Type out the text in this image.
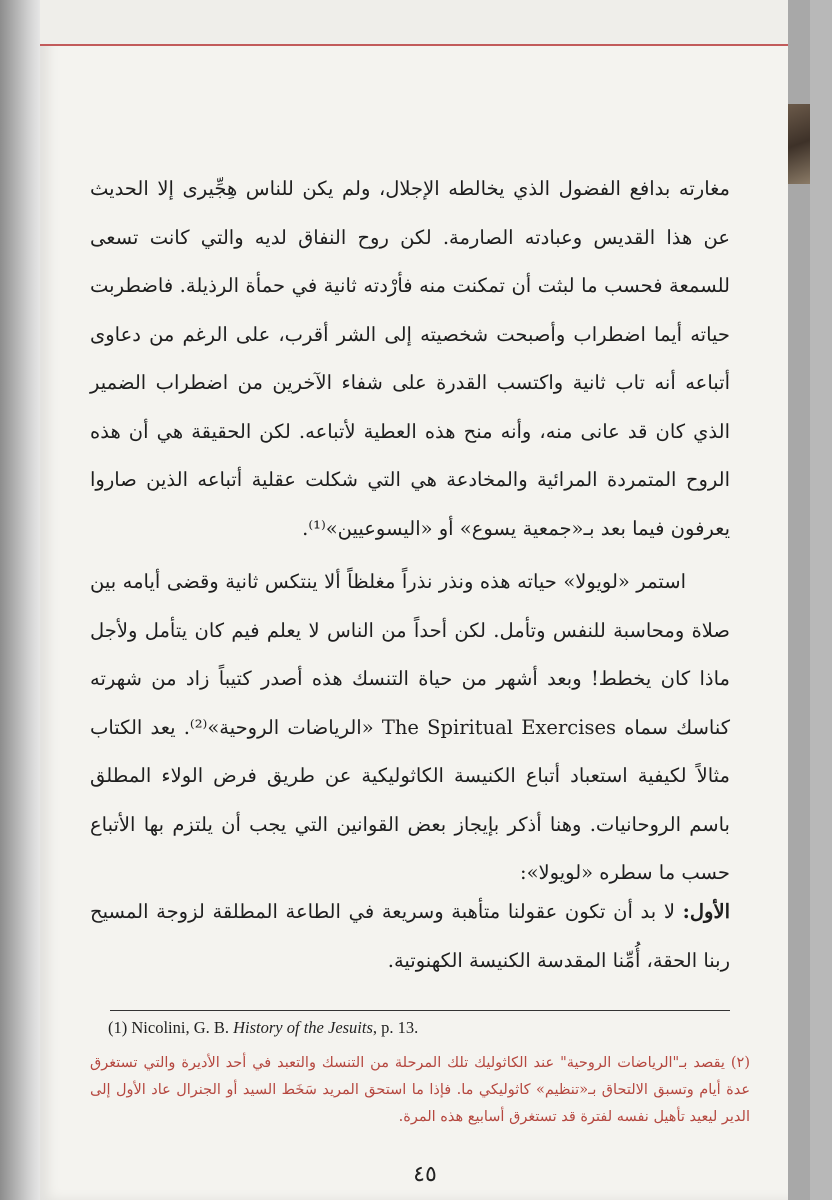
مغارته بدافع الفضول الذي يخالطه الإجلال، ولم يكن للناس هِجِّيرى إلا الحديث عن هذا القديس وعبادته الصارمة. لكن روح النفاق لديه والتي كانت تسعى للسمعة فحسب ما لبثت أن تمكنت منه فأرْدته ثانية في حمأة الرذيلة. فاضطربت حياته أيما اضطراب وأصبحت شخصيته إلى الشر أقرب، على الرغم من دعاوى أتباعه أنه تاب ثانية واكتسب القدرة على شفاء الآخرين من اضطراب الضمير الذي كان قد عانى منه، وأنه منح هذه العطية لأتباعه. لكن الحقيقة هي أن هذه الروح المتمردة المرائية والمخادعة هي التي شكلت عقلية أتباعه الذين صاروا يعرفون فيما بعد بـ«جمعية يسوع» أو «اليسوعيين»⁽¹⁾.
استمر «لويولا» حياته هذه ونذر نذراً مغلظاً ألا ينتكس ثانية وقضى أيامه بين صلاة ومحاسبة للنفس وتأمل. لكن أحداً من الناس لا يعلم فيم كان يتأمل ولأجل ماذا كان يخطط! وبعد أشهر من حياة التنسك هذه أصدر كتيباً زاد من شهرته كناسك سماه The Spiritual Exercises «الرياضات الروحية»⁽²⁾. يعد الكتاب مثالاً لكيفية استعباد أتباع الكنيسة الكاثوليكية عن طريق فرض الولاء المطلق باسم الروحانيات. وهنا أذكر بإيجاز بعض القوانين التي يجب أن يلتزم بها الأتباع حسب ما سطره «لويولا»:
الأول: لا بد أن تكون عقولنا متأهبة وسريعة في الطاعة المطلقة لزوجة المسيح ربنا الحقة، أُمِّنا المقدسة الكنيسة الكهنوتية.
(1) Nicolini, G. B. History of the Jesuits, p. 13.
(٢) يقصد بـ"الرياضات الروحية" عند الكاثوليك تلك المرحلة من التنسك والتعبد في أحد الأديرة والتي تستغرق عدة أيام وتسبق الالتحاق بـ«تنظيم» كاثوليكي ما. فإذا ما استحق المريد سَخَط السيد أو الجنرال عاد الأول إلى الدير ليعيد تأهيل نفسه لفترة قد تستغرق أسابيع هذه المرة.
٤٥
